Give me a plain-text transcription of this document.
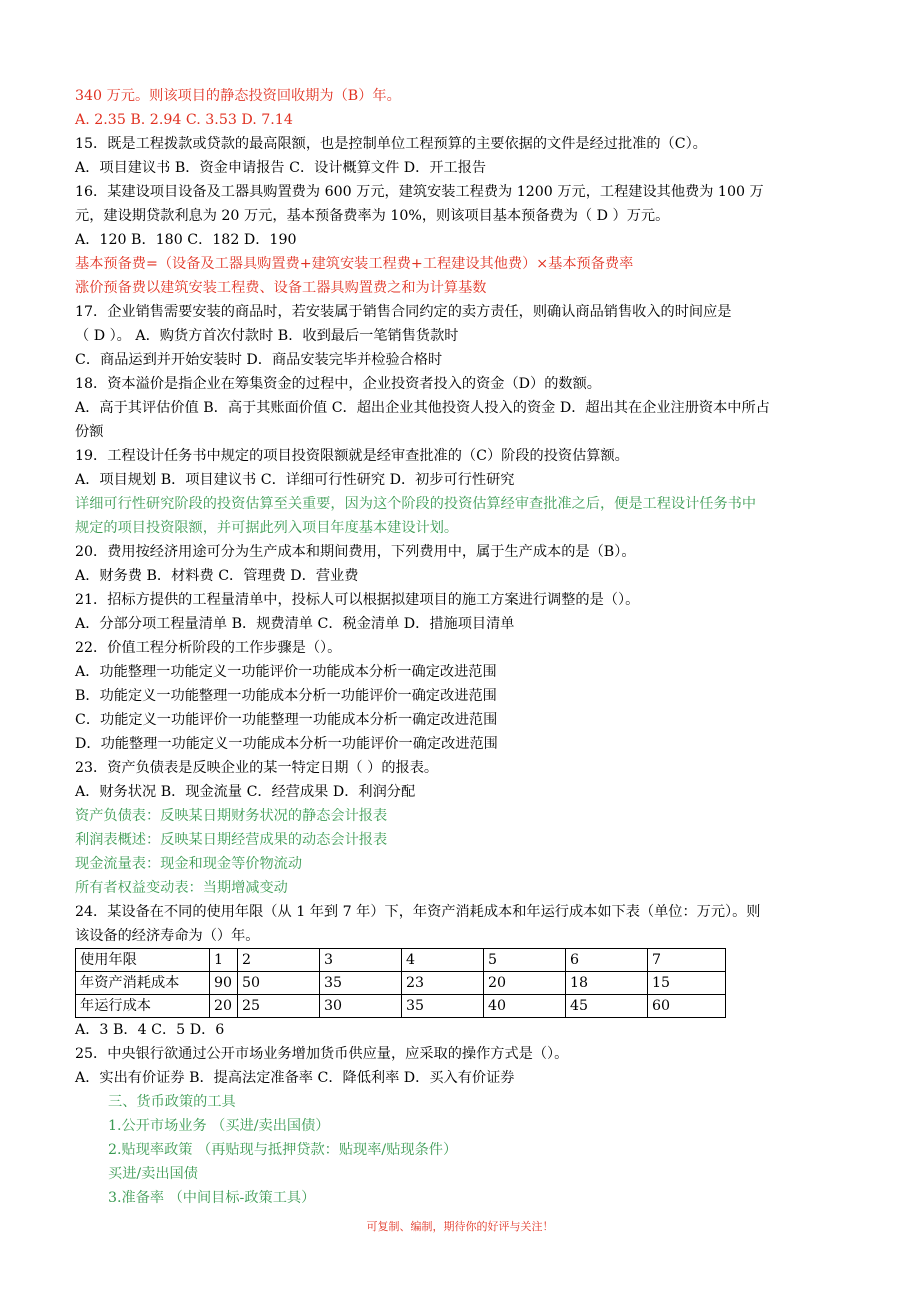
340 万元。则该项目的静态投资回收期为（B）年。
A. 2.35 B. 2.94 C. 3.53 D. 7.14
15．既是工程拨款或贷款的最高限额，也是控制单位工程预算的主要依据的文件是经过批准的（C）。
A．项目建议书 B．资金申请报告 C．设计概算文件 D．开工报告
16．某建设项目设备及工器具购置费为 600 万元，建筑安装工程费为 1200 万元，工程建设其他费为 100 万
元，建设期贷款利息为 20 万元，基本预备费率为 10%，则该项目基本预备费为（ D ）万元。
A．120 B．180 C．182 D．190
基本预备费=（设备及工器具购置费+建筑安装工程费+工程建设其他费）×基本预备费率
涨价预备费以建筑安装工程费、设备工器具购置费之和为计算基数
17．企业销售需要安装的商品时，若安装属于销售合同约定的卖方责任，则确认商品销售收入的时间应是
（ D ）。 A．购货方首次付款时 B．收到最后一笔销售货款时
C．商品运到并开始安装时 D．商品安装完毕并检验合格时
18．资本溢价是指企业在筹集资金的过程中，企业投资者投入的资金（D）的数额。
A．高于其评估价值 B．高于其账面价值 C．超出企业其他投资人投入的资金 D．超出其在企业注册资本中所占
份额
19．工程设计任务书中规定的项目投资限额就是经审查批准的（C）阶段的投资估算额。
A．项目规划 B．项目建议书 C．详细可行性研究 D．初步可行性研究
详细可行性研究阶段的投资估算至关重要，因为这个阶段的投资估算经审查批准之后，便是工程设计任务书中
规定的项目投资限额，并可据此列入项目年度基本建设计划。
20．费用按经济用途可分为生产成本和期间费用，下列费用中，属于生产成本的是（B）。
A．财务费 B．材料费 C．管理费 D．营业费
21．招标方提供的工程量清单中，投标人可以根据拟建项目的施工方案进行调整的是（）。
A．分部分项工程量清单 B．规费清单 C．税金清单 D．措施项目清单
22．价值工程分析阶段的工作步骤是（）。
A．功能整理一功能定义一功能评价一功能成本分析一确定改进范围
B．功能定义一功能整理一功能成本分析一功能评价一确定改进范围
C．功能定义一功能评价一功能整理一功能成本分析一确定改进范围
D．功能整理一功能定义一功能成本分析一功能评价一确定改进范围
23．资产负债表是反映企业的某一特定日期（ ）的报表。
A．财务状况 B．现金流量 C．经营成果 D．利润分配
资产负债表：反映某日期财务状况的静态会计报表
利润表概述：反映某日期经营成果的动态会计报表
现金流量表：现金和现金等价物流动
所有者权益变动表：当期增减变动
24．某设备在不同的使用年限（从 1 年到 7 年）下，年资产消耗成本和年运行成本如下表（单位：万元）。则
该设备的经济寿命为（）年。
使用年限	1	2	3	4	5	6	7
年资产消耗成本	90	50	35	23	20	18	15
年运行成本	20	25	30	35	40	45	60
A．3 B．4 C．5 D．6
25．中央银行欲通过公开市场业务增加货币供应量，应采取的操作方式是（）。
A．实出有价证券 B．提高法定准备率 C．降低利率 D．买入有价证券
三、货币政策的工具
1.公开市场业务 （买进/卖出国债）
2.贴现率政策 （再贴现与抵押贷款：贴现率/贴现条件）
买进/卖出国债
3.准备率 （中间目标-政策工具）
可复制、编制，期待你的好评与关注！
